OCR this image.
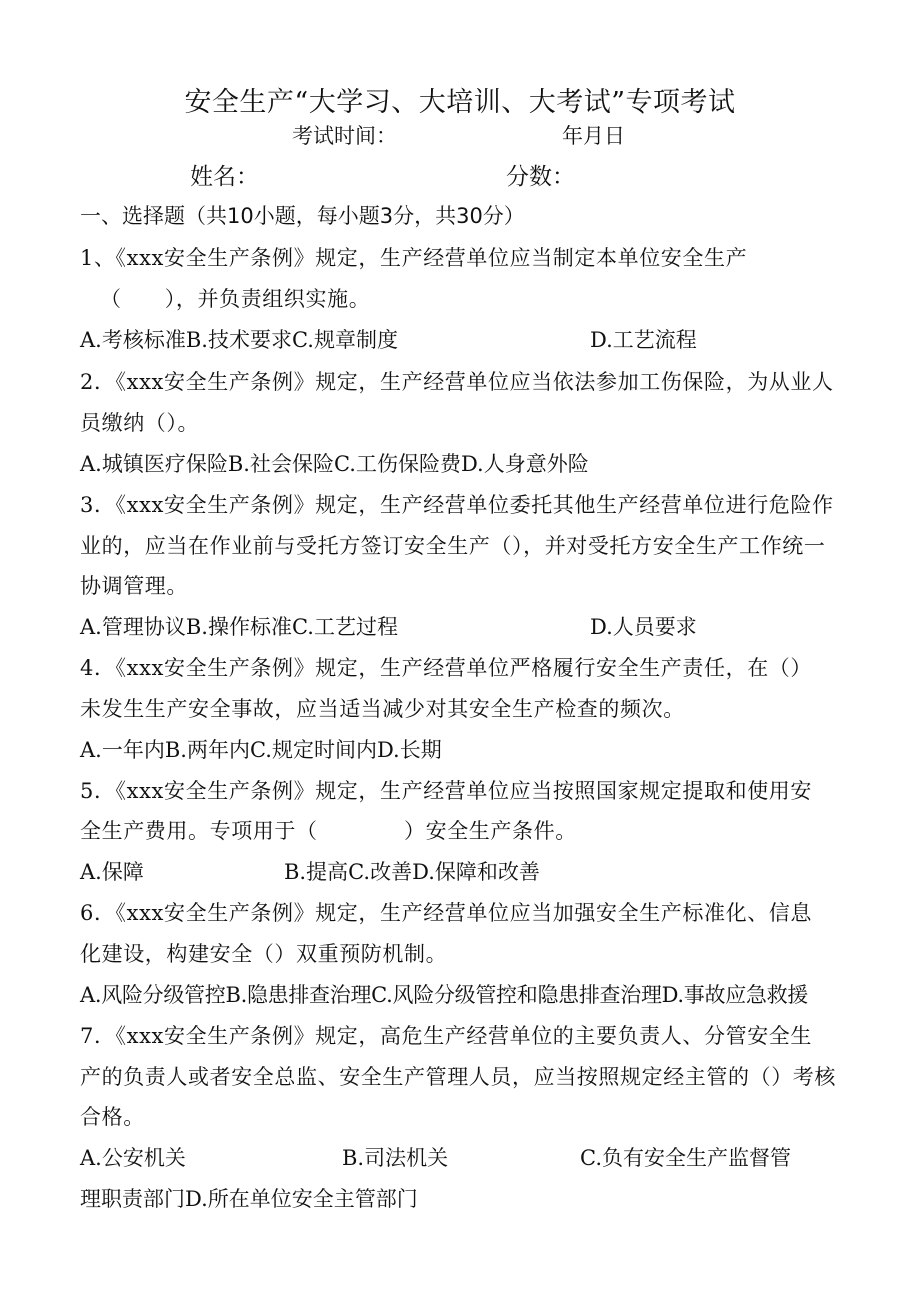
安全生产“大学习、大培训、大考试”专项考试
考试时间：	年月日
姓名：	分数：
一、选择题（共10小题，每小题3分，共30分）
1、《xxx安全生产条例》规定，生产经营单位应当制定本单位安全生产
（　　），并负责组织实施。
A.考核标准B.技术要求C.规章制度	D.工艺流程
2．《xxx安全生产条例》规定，生产经营单位应当依法参加工伤保险，为从业人
员缴纳（）。
A.城镇医疗保险B.社会保险C.工伤保险费D.人身意外险
3．《xxx安全生产条例》规定，生产经营单位委托其他生产经营单位进行危险作
业的，应当在作业前与受托方签订安全生产（），并对受托方安全生产工作统一
协调管理。
A.管理协议B.操作标准C.工艺过程	D.人员要求
4．《xxx安全生产条例》规定，生产经营单位严格履行安全生产责任，在（）
未发生生产安全事故，应当适当减少对其安全生产检查的频次。
A.一年内B.两年内C.规定时间内D.长期
5．《xxx安全生产条例》规定，生产经营单位应当按照国家规定提取和使用安
全生产费用。专项用于（　　　　）安全生产条件。
A.保障	B.提高C.改善D.保障和改善
6．《xxx安全生产条例》规定，生产经营单位应当加强安全生产标准化、信息
化建设，构建安全（）双重预防机制。
A.风险分级管控B.隐患排查治理C.风险分级管控和隐患排查治理D.事故应急救援
7．《xxx安全生产条例》规定，高危生产经营单位的主要负责人、分管安全生
产的负责人或者安全总监、安全生产管理人员，应当按照规定经主管的（）考核
合格。
A.公安机关	B.司法机关	C.负有安全生产监督管
理职责部门D.所在单位安全主管部门
